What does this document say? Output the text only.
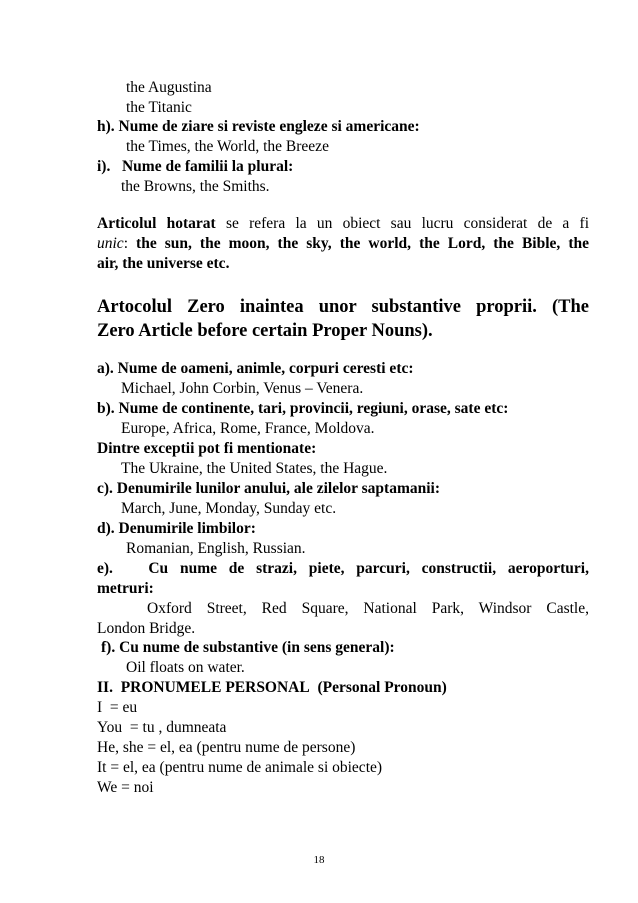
the Augustina
the Titanic
h). Nume de ziare si reviste engleze si americane:
the Times, the World, the Breeze
i).   Nume de familii la plural:
the Browns, the Smiths.
Articolul hotarat se refera la un obiect sau lucru considerat de a fi
unic: the sun, the moon, the sky, the world, the Lord, the Bible, the
air, the universe etc.
Artocolul Zero inaintea unor substantive proprii. (The
Zero Article before certain Proper Nouns).
a). Nume de oameni, animle, corpuri ceresti etc:
Michael, John Corbin, Venus – Venera.
b). Nume de continente, tari, provincii, regiuni, orase, sate etc:
Europe, Africa, Rome, France, Moldova.
Dintre exceptii pot fi mentionate:
The Ukraine, the United States, the Hague.
c). Denumirile lunilor anului, ale zilelor saptamanii:
March, June, Monday, Sunday etc.
d). Denumirile limbilor:
Romanian, English, Russian.
e).   Cu nume de strazi, piete, parcuri, constructii, aeroporturi,
metruri:
Oxford Street, Red Square, National Park, Windsor Castle,
London Bridge.
f). Cu nume de substantive (in sens general):
Oil floats on water.
II.  PRONUMELE PERSONAL  (Personal Pronoun)
I  = eu
You  = tu , dumneata
He, she = el, ea (pentru nume de persone)
It = el, ea (pentru nume de animale si obiecte)
We = noi
18
